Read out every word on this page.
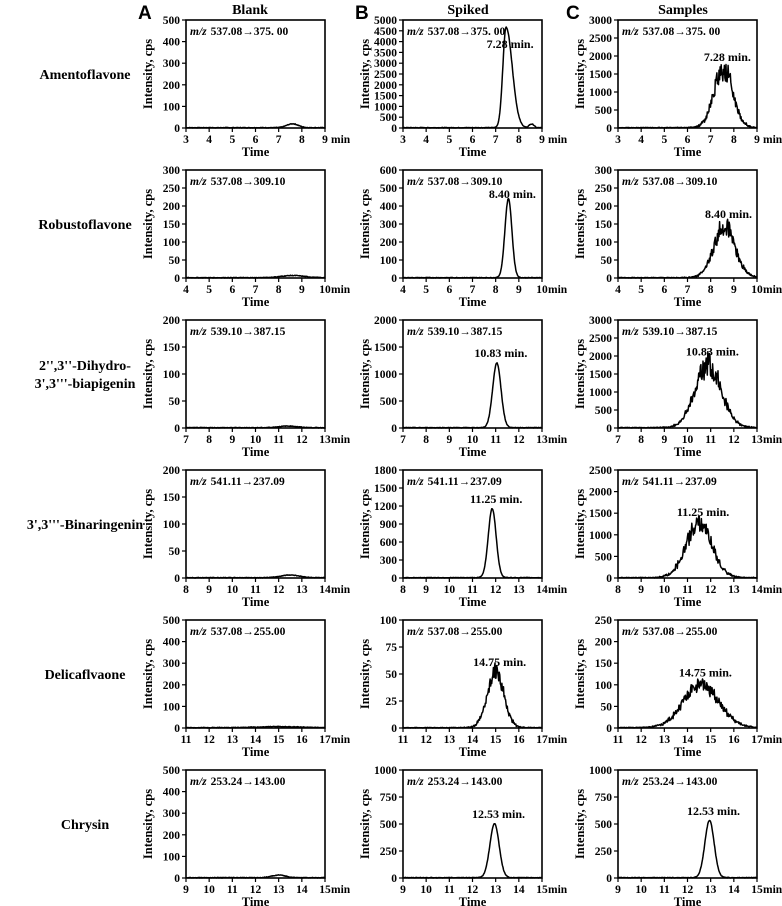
A	Blank	B	Spiked	C	Samples
Amentoflavone
Robustoflavone
2'',3''-Dihydro-
3',3'''-biapigenin
3',3'''-Binaringenin
Delicaflvaone
Chrysin
0
100
200
300
400
500
3 4 5 6 7 8 9 min
Time
Intensity, cps
m/z 537.08→375. 00
0
500
1000
1500
2000
2500
3000
3500
4000
4500
5000
3 4 5 6 7 8 9 min
Time
Intensity, cps
m/z 537.08→375. 00
7.28 min.
0
500
1000
1500
2000
2500
3000
3 4 5 6 7 8 9 min
Time
Intensity, cps
m/z 537.08→375. 00
7.28 min.
0
50
100
150
200
250
300
4 5 6 7 8 9 10 min
Time
Intensity, cps
m/z 537.08→309.10
0
100
200
300
400
500
600
4 5 6 7 8 9 10 min
Time
Intensity, cps
m/z 537.08→309.10
8.40 min.
0
50
100
150
200
250
300
4 5 6 7 8 9 10 min
Time
Intensity, cps
m/z 537.08→309.10
8.40 min.
0
50
100
150
200
7 8 9 10 11 12 13 min
Time
Intensity, cps
m/z 539.10→387.15
0
500
1000
1500
2000
7 8 9 10 11 12 13 min
Time
Intensity, cps
m/z 539.10→387.15
10.83 min.
0
500
1000
1500
2000
2500
3000
7 8 9 10 11 12 13 min
Time
Intensity, cps
m/z 539.10→387.15
10.83 min.
0
50
100
150
200
8 9 10 11 12 13 14 min
Time
Intensity, cps
m/z 541.11→237.09
0
300
600
900
1200
1500
1800
8 9 10 11 12 13 14 min
Time
Intensity, cps
m/z 541.11→237.09
11.25 min.
0
500
1000
1500
2000
2500
8 9 10 11 12 13 14 min
Time
Intensity, cps
m/z 541.11→237.09
11.25 min.
0
100
200
300
400
500
11 12 13 14 15 16 17 min
Time
Intensity, cps
m/z 537.08→255.00
0
25
50
75
100
11 12 13 14 15 16 17 min
Time
Intensity, cps
m/z 537.08→255.00
14.75 min.
0
50
100
150
200
250
11 12 13 14 15 16 17 min
Time
Intensity, cps
m/z 537.08→255.00
14.75 min.
0
100
200
300
400
500
9 10 11 12 13 14 15 min
Time
Intensity, cps
m/z 253.24→143.00
0
250
500
750
1000
9 10 11 12 13 14 15 min
Time
Intensity, cps
m/z 253.24→143.00
12.53 min.
0
250
500
750
1000
9 10 11 12 13 14 15 min
Time
Intensity, cps
m/z 253.24→143.00
12.53 min.
